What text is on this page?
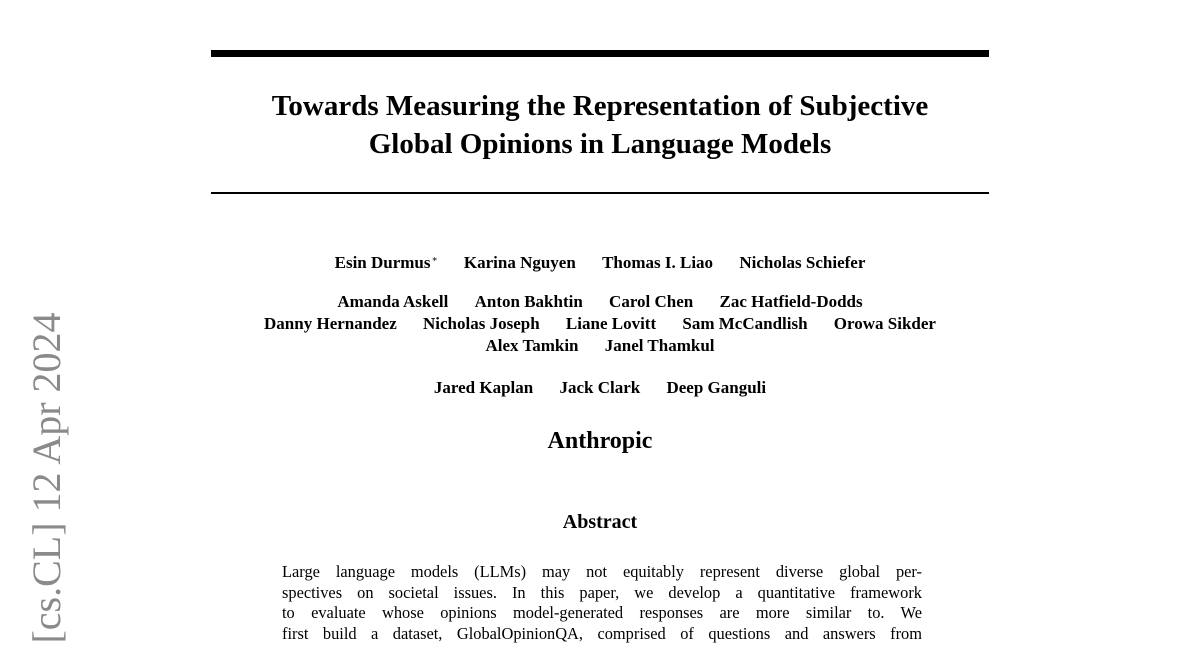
Towards Measuring the Representation of Subjective
Global Opinions in Language Models
Esin Durmus∗ Karina Nguyen Thomas I. Liao Nicholas Schiefer
Amanda Askell Anton Bakhtin Carol Chen Zac Hatfield-Dodds
Danny Hernandez Nicholas Joseph Liane Lovitt Sam McCandlish Orowa Sikder
Alex Tamkin Janel Thamkul
Jared Kaplan Jack Clark Deep Ganguli
Anthropic
Abstract
Large language models (LLMs) may not equitably represent diverse global per-
spectives on societal issues. In this paper, we develop a quantitative framework
to evaluate whose opinions model-generated responses are more similar to. We
first build a dataset, GlobalOpinionQA, comprised of questions and answers from
[cs.CL] 12 Apr 2024
